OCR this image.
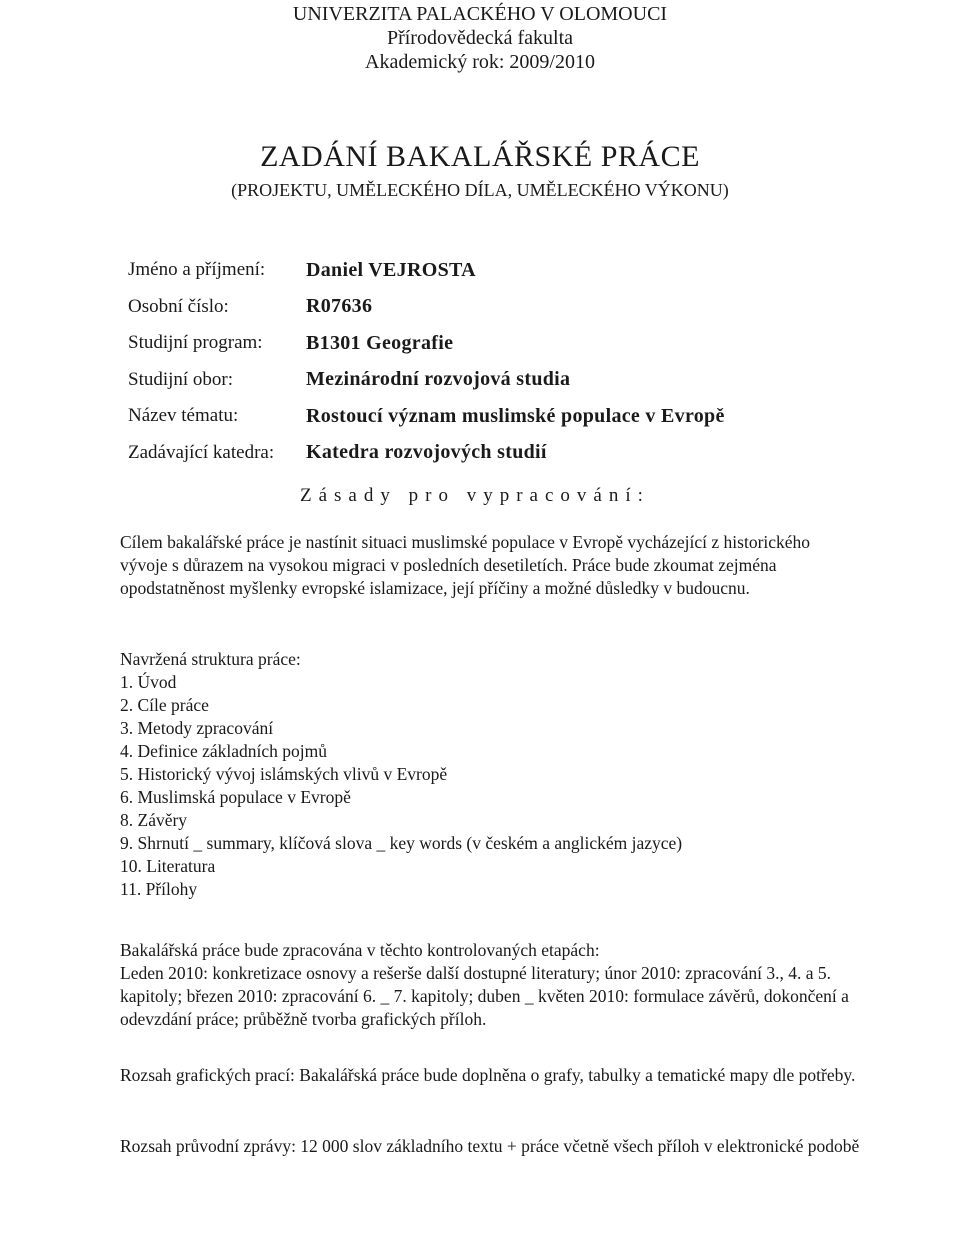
UNIVERZITA PALACKÉHO V OLOMOUCI
Přírodovědecká fakulta
Akademický rok: 2009/2010
ZADÁNÍ BAKALÁŘSKÉ PRÁCE
(PROJEKTU, UMĚLECKÉHO DÍLA, UMĚLECKÉHO VÝKONU)
Jméno a příjmení:	Daniel VEJROSTA
Osobní číslo:	R07636
Studijní program:	B1301 Geografie
Studijní obor:	Mezinárodní rozvojová studia
Název tématu:	Rostoucí význam muslimské populace v Evropě
Zadávající katedra:	Katedra rozvojových studií
Zásady pro vypracování:

Cílem bakalářské práce je nastínit situaci muslimské populace v Evropě vycházející z historického vývoje s důrazem na vysokou migraci v posledních desetiletích. Práce bude zkoumat zejména opodstatněnost myšlenky evropské islamizace, její příčiny a možné důsledky v budoucnu.

Navržená struktura práce:

1. Úvod
2. Cíle práce
3. Metody zpracování
4. Definice základních pojmů
5. Historický vývoj islámských vlivů v Evropě
6. Muslimská populace v Evropě
8. Závěry
9. Shrnutí _ summary, klíčová slova _ key words (v českém a anglickém jazyce)
10. Literatura
11. Přílohy

Bakalářská práce bude zpracována v těchto kontrolovaných etapách:

Leden 2010: konkretizace osnovy a rešerše další dostupné literatury; únor 2010: zpracování 3., 4. a 5. kapitoly; březen 2010: zpracování 6. _ 7. kapitoly; duben _ květen 2010: formulace závěrů, dokončení a odevzdání práce; průběžně tvorba grafických příloh.

Rozsah grafických prací: Bakalářská práce bude doplněna o grafy, tabulky a tematické mapy dle potřeby.

Rozsah průvodní zprávy: 12 000 slov základního textu + práce včetně všech příloh v elektronické podobě
